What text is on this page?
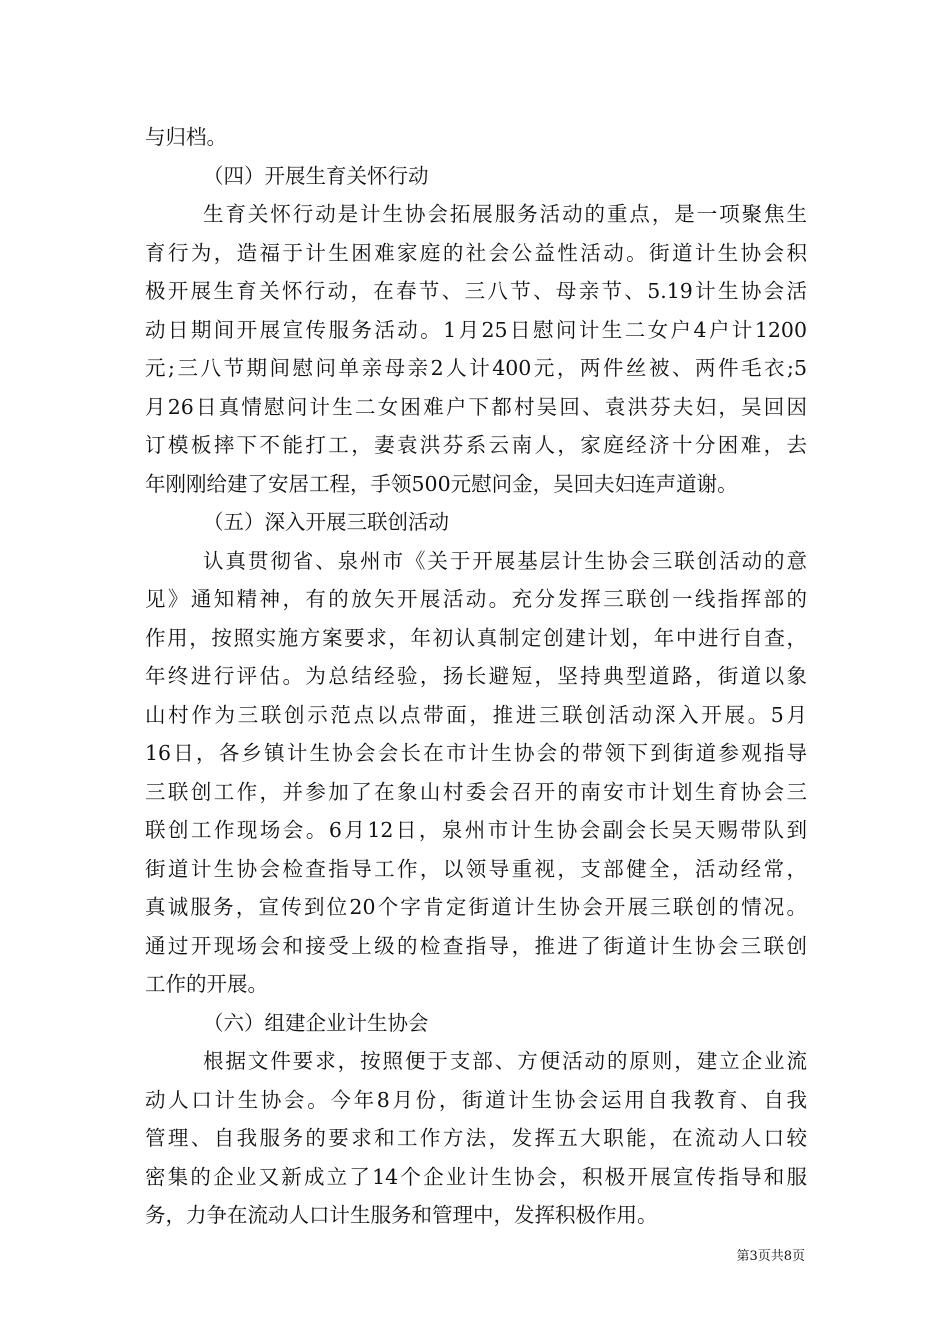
与归档。
（四）开展生育关怀行动
生育关怀行动是计生协会拓展服务活动的重点，是一项聚焦生
育行为，造福于计生困难家庭的社会公益性活动。街道计生协会积
极开展生育关怀行动，在春节、三八节、母亲节、5.19计生协会活
动日期间开展宣传服务活动。1月25日慰问计生二女户4户计1200
元;三八节期间慰问单亲母亲2人计400元，两件丝被、两件毛衣;5
月26日真情慰问计生二女困难户下都村吴回、袁洪芬夫妇，吴回因
订模板摔下不能打工，妻袁洪芬系云南人，家庭经济十分困难，去
年刚刚给建了安居工程，手领500元慰问金，吴回夫妇连声道谢。
（五）深入开展三联创活动
认真贯彻省、泉州市《关于开展基层计生协会三联创活动的意
见》通知精神，有的放矢开展活动。充分发挥三联创一线指挥部的
作用，按照实施方案要求，年初认真制定创建计划，年中进行自查，
年终进行评估。为总结经验，扬长避短，坚持典型道路，街道以象
山村作为三联创示范点以点带面，推进三联创活动深入开展。5月
16日，各乡镇计生协会会长在市计生协会的带领下到街道参观指导
三联创工作，并参加了在象山村委会召开的南安市计划生育协会三
联创工作现场会。6月12日，泉州市计生协会副会长吴天赐带队到
街道计生协会检查指导工作，以领导重视，支部健全，活动经常，
真诚服务，宣传到位20个字肯定街道计生协会开展三联创的情况。
通过开现场会和接受上级的检查指导，推进了街道计生协会三联创
工作的开展。
（六）组建企业计生协会
根据文件要求，按照便于支部、方便活动的原则，建立企业流
动人口计生协会。今年8月份，街道计生协会运用自我教育、自我
管理、自我服务的要求和工作方法，发挥五大职能，在流动人口较
密集的企业又新成立了14个企业计生协会，积极开展宣传指导和服
务，力争在流动人口计生服务和管理中，发挥积极作用。
第3页共8页
